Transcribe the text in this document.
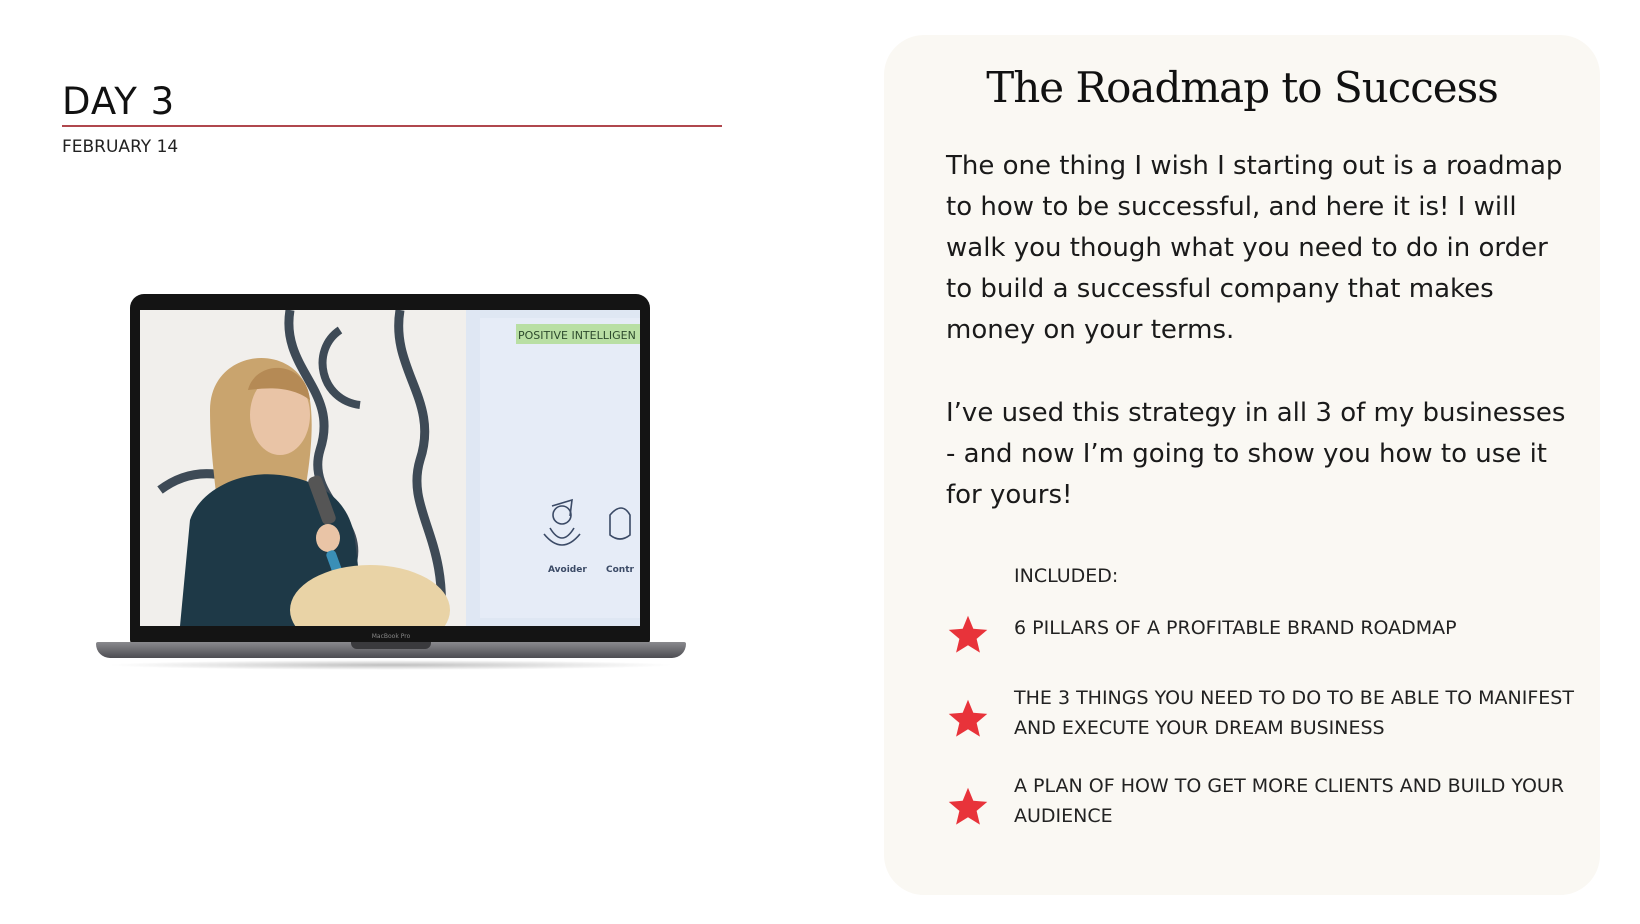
DAY 3
FEBRUARY 14
POSITIVE INTELLIGEN
Avoider Contr
MacBook Pro
The Roadmap to Success

The one thing I wish I starting out is a roadmap to how to be successful, and here it is! I will walk you though what you need to do in order to build a successful company that makes money on your terms.

I’ve used this strategy in all 3 of my businesses - and now I’m going to show you how to use it for yours!

INCLUDED:
6 PILLARS OF A PROFITABLE BRAND ROADMAP
THE 3 THINGS YOU NEED TO DO TO BE ABLE TO MANIFEST AND EXECUTE YOUR DREAM BUSINESS
A PLAN OF HOW TO GET MORE CLIENTS AND BUILD YOUR AUDIENCE
